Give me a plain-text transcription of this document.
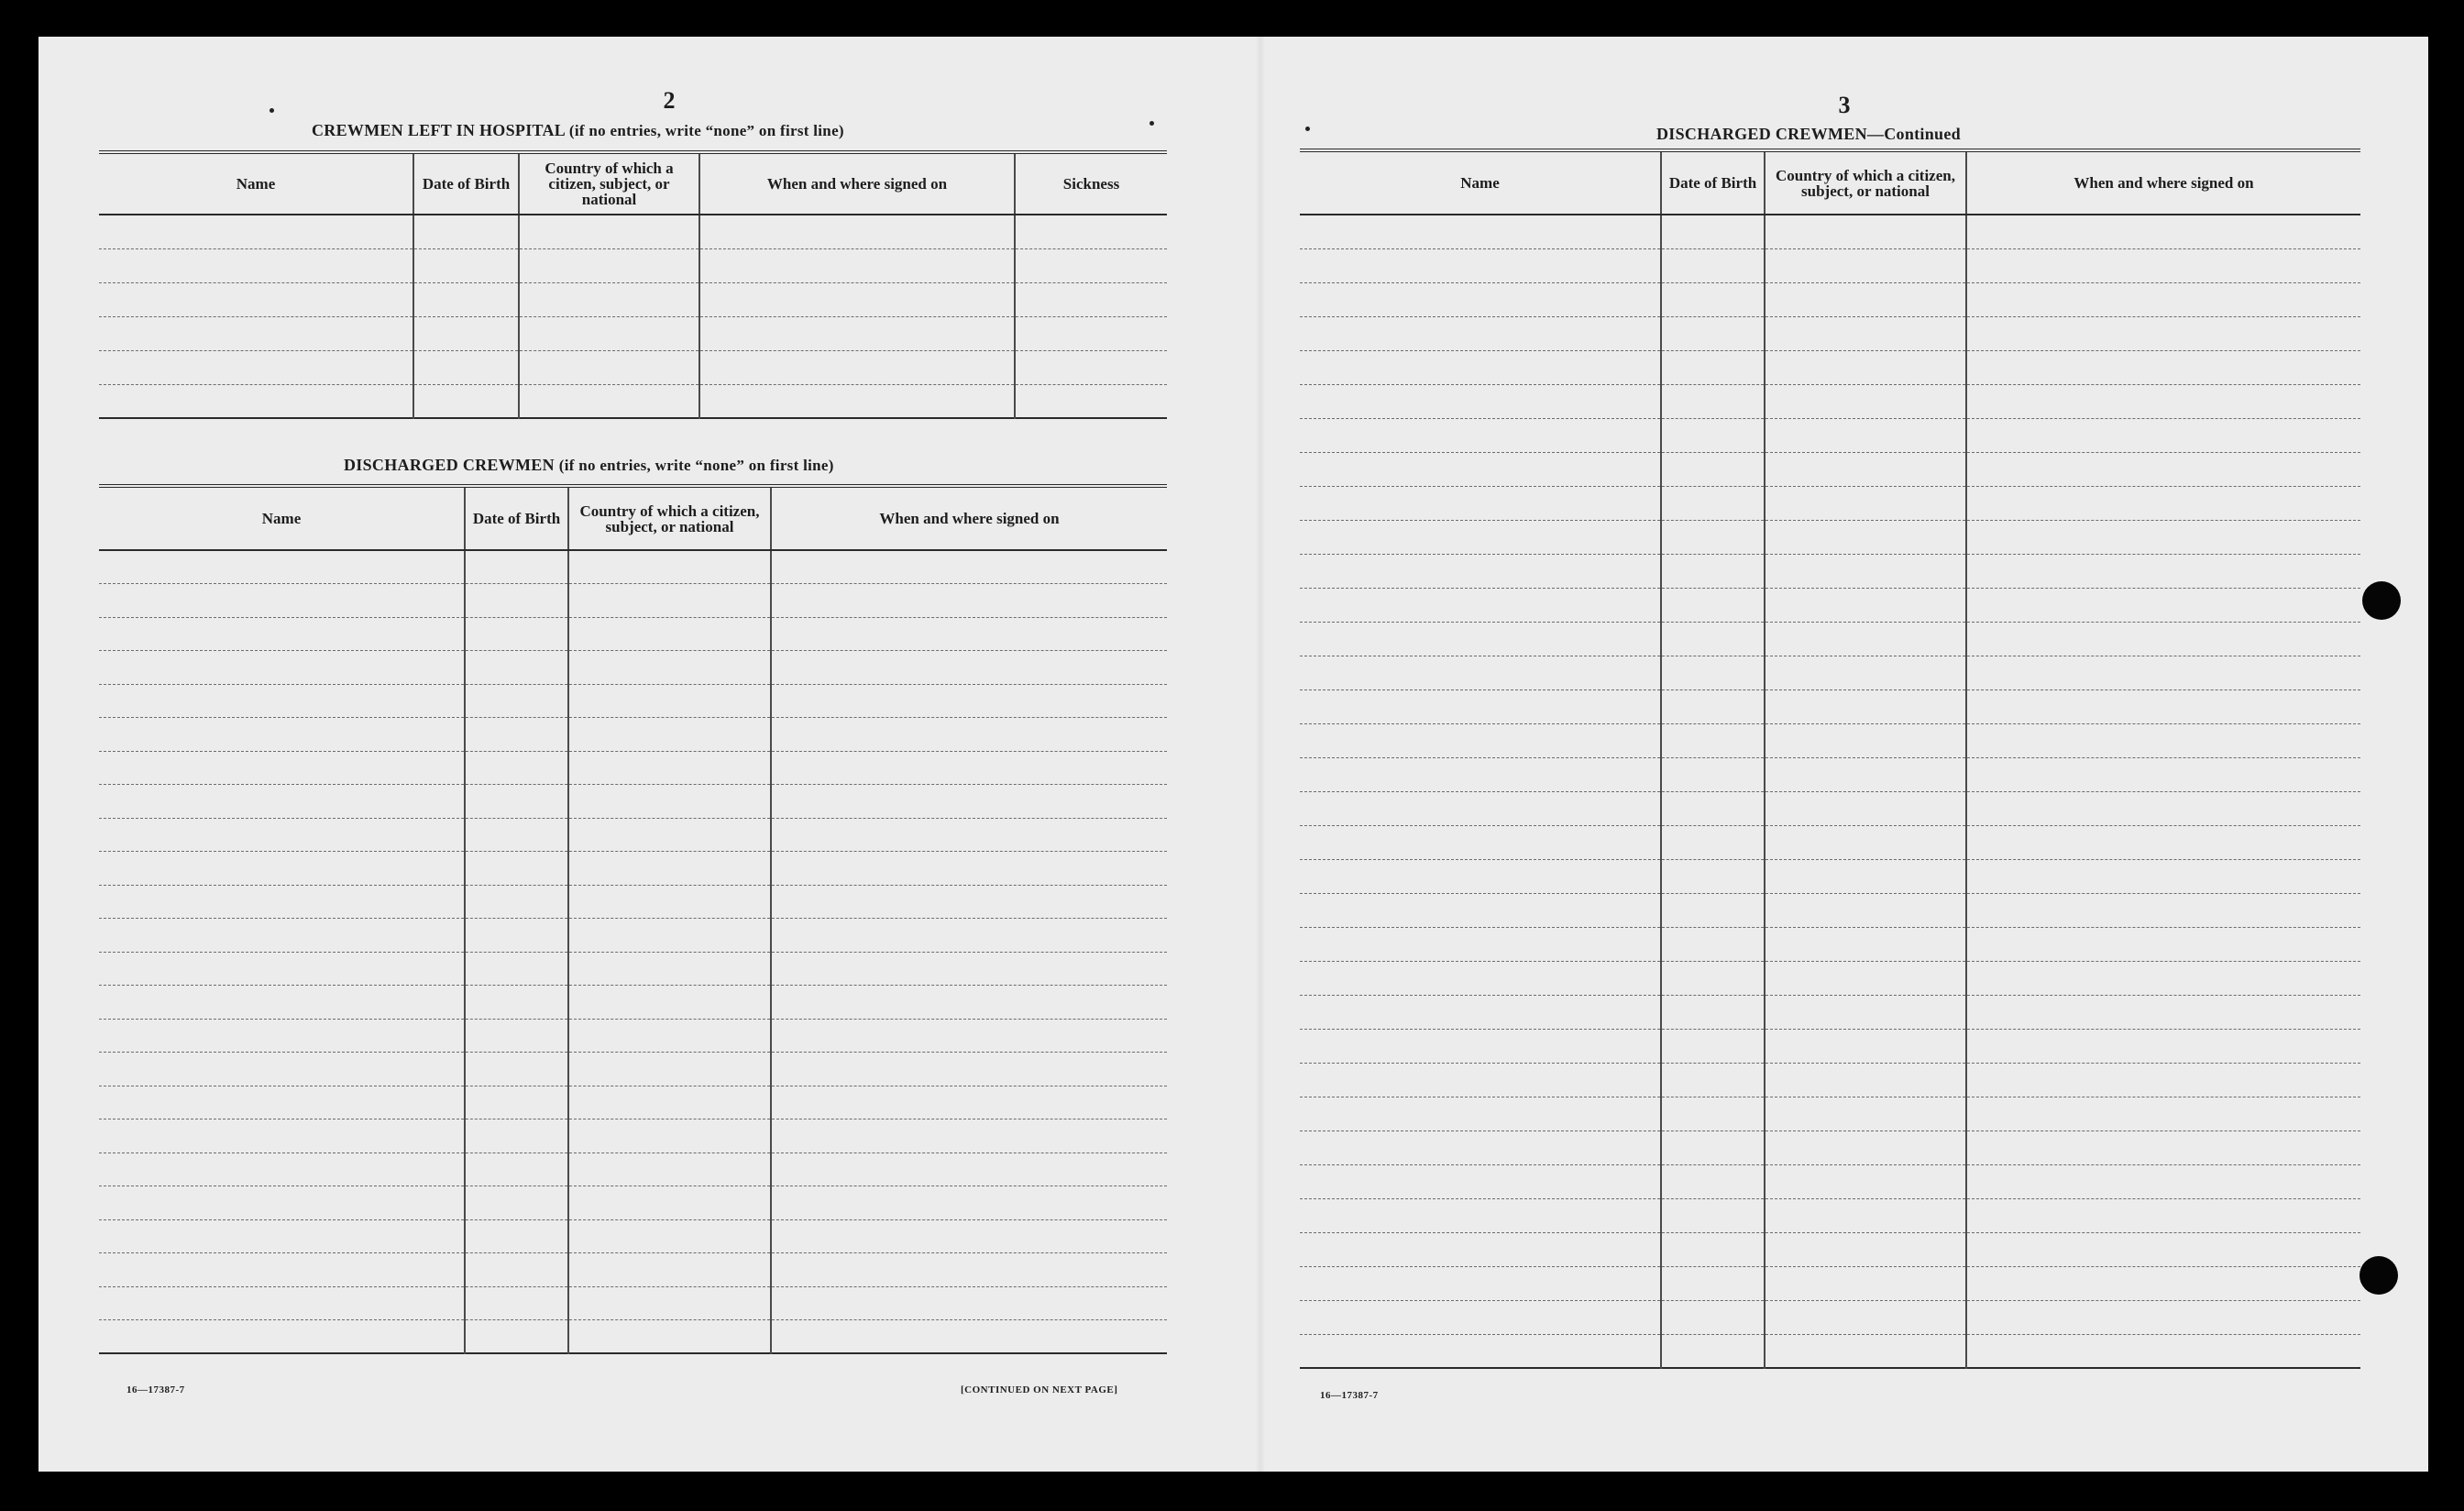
2
CREWMEN LEFT IN HOSPITAL (if no entries, write “none” on first line)
Name	Date of Birth	Country of which a citizen, subject, or national	When and where signed on	Sickness

DISCHARGED CREWMEN (if no entries, write “none” on first line)
Name	Date of Birth	Country of which a citizen, subject, or national	When and where signed on

16—17387-7	[CONTINUED ON NEXT PAGE]
3
DISCHARGED CREWMEN—Continued
Name	Date of Birth	Country of which a citizen, subject, or national	When and where signed on

16—17387-7
